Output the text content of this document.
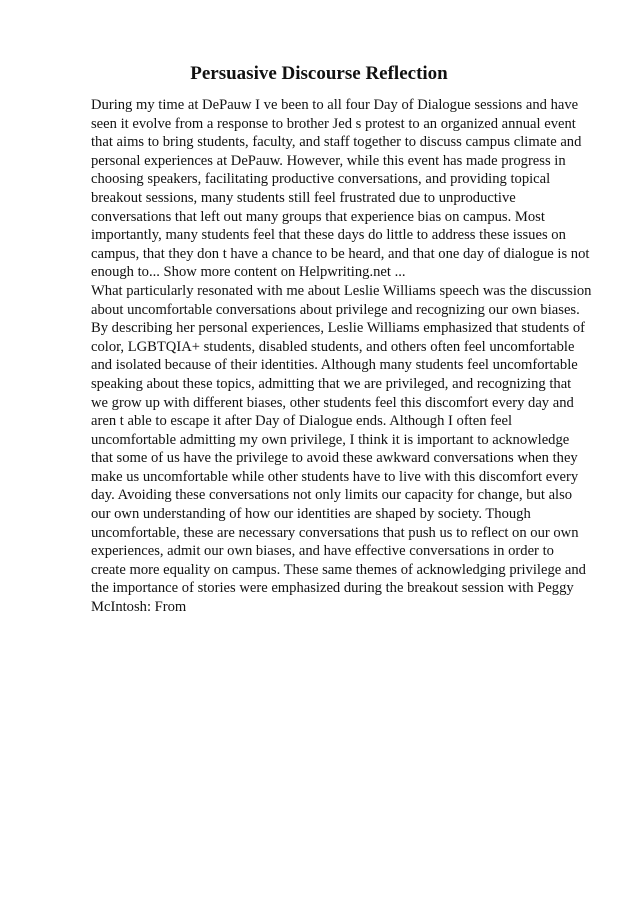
Persuasive Discourse Reflection
During my time at DePauw I ve been to all four Day of Dialogue sessions and have
seen it evolve from a response to brother Jed s protest to an organized annual event
that aims to bring students, faculty, and staff together to discuss campus climate and
personal experiences at DePauw. However, while this event has made progress in
choosing speakers, facilitating productive conversations, and providing topical
breakout sessions, many students still feel frustrated due to unproductive
conversations that left out many groups that experience bias on campus. Most
importantly, many students feel that these days do little to address these issues on
campus, that they don t have a chance to be heard, and that one day of dialogue is not
enough to... Show more content on Helpwriting.net ...
What particularly resonated with me about Leslie Williams speech was the discussion
about uncomfortable conversations about privilege and recognizing our own biases.
By describing her personal experiences, Leslie Williams emphasized that students of
color, LGBTQIA+ students, disabled students, and others often feel uncomfortable
and isolated because of their identities. Although many students feel uncomfortable
speaking about these topics, admitting that we are privileged, and recognizing that
we grow up with different biases, other students feel this discomfort every day and
aren t able to escape it after Day of Dialogue ends. Although I often feel
uncomfortable admitting my own privilege, I think it is important to acknowledge
that some of us have the privilege to avoid these awkward conversations when they
make us uncomfortable while other students have to live with this discomfort every
day. Avoiding these conversations not only limits our capacity for change, but also
our own understanding of how our identities are shaped by society. Though
uncomfortable, these are necessary conversations that push us to reflect on our own
experiences, admit our own biases, and have effective conversations in order to
create more equality on campus. These same themes of acknowledging privilege and
the importance of stories were emphasized during the breakout session with Peggy
McIntosh: From
